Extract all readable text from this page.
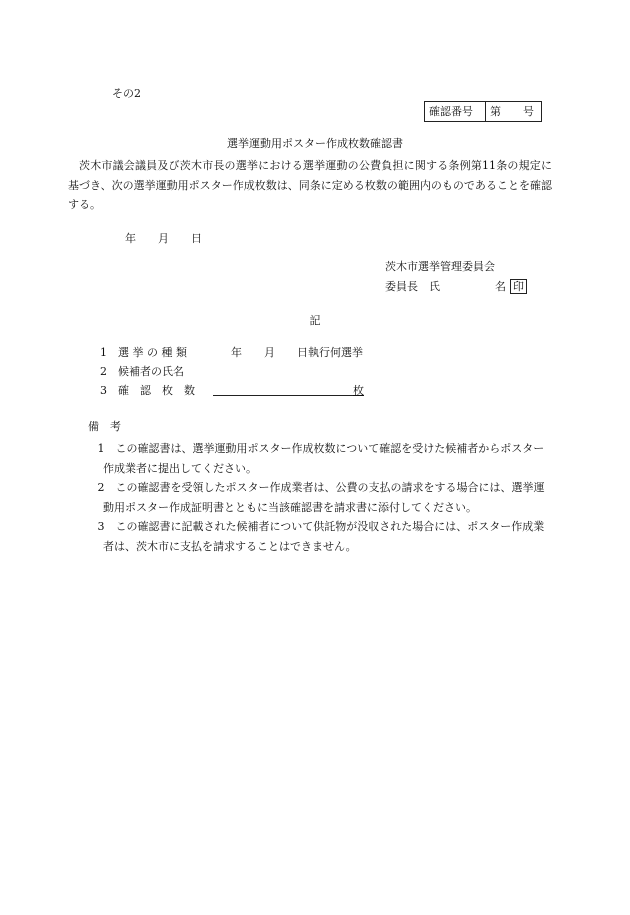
その2
確認番号	第　　号
選挙運動用ポスター作成枚数確認書

茨木市議会議員及び茨木市長の選挙における選挙運動の公費負担に関する条例第11条の規定に基づき、次の選挙運動用ポスター作成枚数は、同条に定める枚数の範囲内のものであることを確認する。

年　　月　　日
茨木市選挙管理委員会
委員長　氏　　　　　名 印
記
1　選 挙 の 種 類　　　　年　　月　　日執行何選挙
2　候補者の氏名
3　確　認　枚　数	枚
備　考

1　この確認書は、選挙運動用ポスター作成枚数について確認を受けた候補者からポスター作成業者に提出してください。

2　この確認書を受領したポスター作成業者は、公費の支払の請求をする場合には、選挙運動用ポスター作成証明書とともに当該確認書を請求書に添付してください。

3　この確認書に記載された候補者について供託物が没収された場合には、ポスター作成業者は、茨木市に支払を請求することはできません。
